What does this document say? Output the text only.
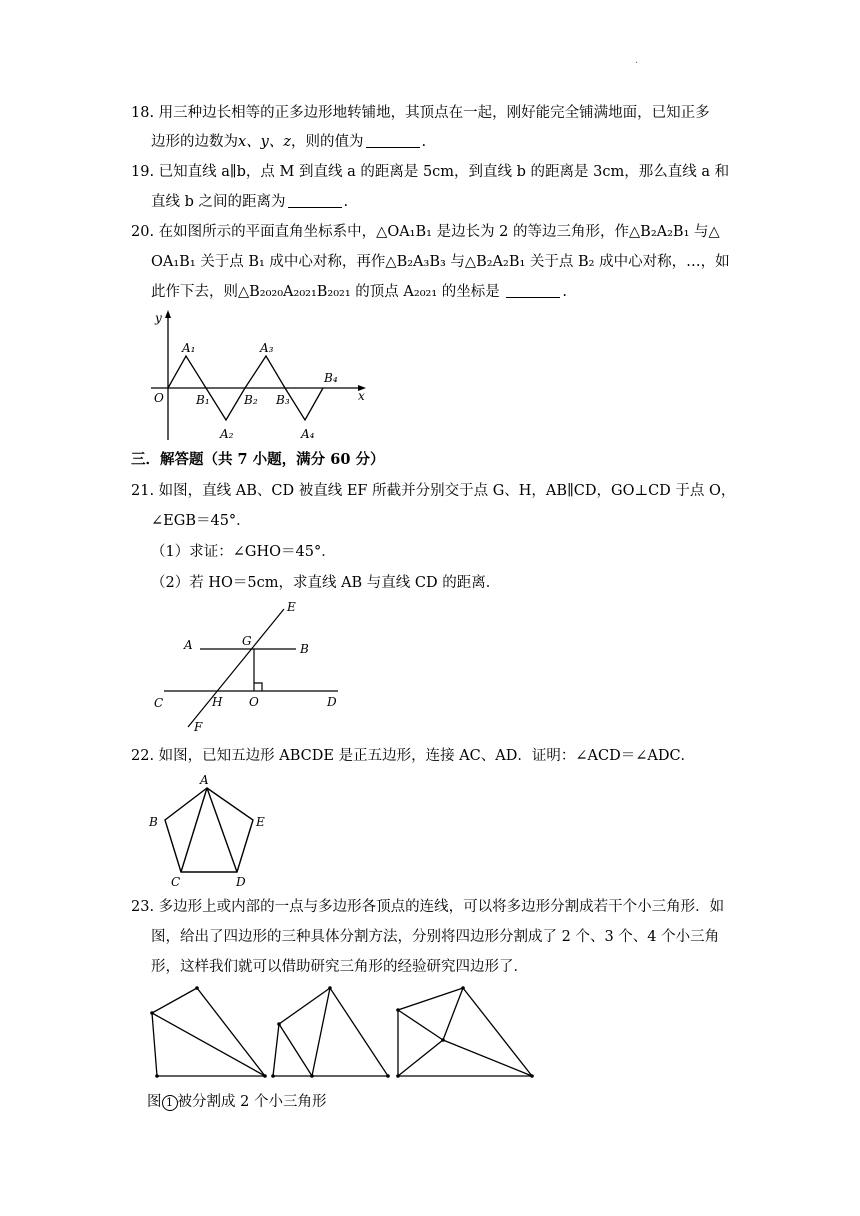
·
18. 用三种边长相等的正多边形地转铺地，其顶点在一起，刚好能完全铺满地面，已知正多
边形的边数为x、y、z，则的值为	.
19. 已知直线 a∥b，点 M 到直线 a 的距离是 5cm，到直线 b 的距离是 3cm，那么直线 a 和
直线 b 之间的距离为	.
20. 在如图所示的平面直角坐标系中，△OA₁B₁ 是边长为 2 的等边三角形，作△B₂A₂B₁ 与△
OA₁B₁ 关于点 B₁ 成中心对称，再作△B₂A₃B₃ 与△B₂A₂B₁ 关于点 B₂ 成中心对称，…，如
此作下去，则△B₂₀₂₀A₂₀₂₁B₂₀₂₁ 的顶点 A₂₀₂₁ 的坐标是	.
y
x
O
A₁
B₁
A₂
B₂
A₃
B₃
A₄
B₄
三．解答题（共 7 小题，满分 60 分）
21. 如图，直线 AB、CD 被直线 EF 所截并分别交于点 G、H，AB∥CD，GO⊥CD 于点 O，
∠EGB＝45°．
（1）求证：∠GHO＝45°．
（2）若 HO＝5cm，求直线 AB 与直线 CD 的距离．
E
A	G
B
C	H O	D
F
22. 如图，已知五边形 ABCDE 是正五边形，连接 AC、AD．证明：∠ACD＝∠ADC．
A
B
C	D
E
23. 多边形上或内部的一点与多边形各顶点的连线，可以将多边形分割成若干个小三角形．如
图，给出了四边形的三种具体分割方法，分别将四边形分割成了 2 个、3 个、4 个小三角
形，这样我们就可以借助研究三角形的经验研究四边形了．
图 1 被分割成 2 个小三角形
